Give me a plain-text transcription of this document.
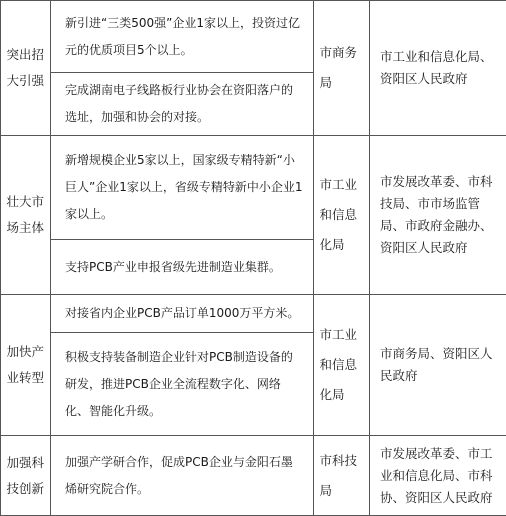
突出招大引强	新引进“三类500强”企业1家以上，投资过亿元的优质项目5个以上。	市商务局	市工业和信息化局、资阳区人民政府
	完成湖南电子线路板行业协会在资阳落户的选址，加强和协会的对接。		
壮大市场主体	新增规模企业5家以上，国家级专精特新“小巨人”企业1家以上，省级专精特新中小企业1家以上。	市工业和信息化局	市发展改革委、市科技局、市市场监管局、市政府金融办、资阳区人民政府
	支持PCB产业申报省级先进制造业集群。		
加快产业转型	对接省内企业PCB产品订单1000万平方米。	市工业和信息化局	市商务局、资阳区人民政府
	积极支持装备制造企业针对PCB制造设备的研发，推进PCB企业全流程数字化、网络化、智能化升级。		
加强科技创新	加强产学研合作，促成PCB企业与金阳石墨烯研究院合作。	市科技局	市发展改革委、市工业和信息化局、市科协、资阳区人民政府
